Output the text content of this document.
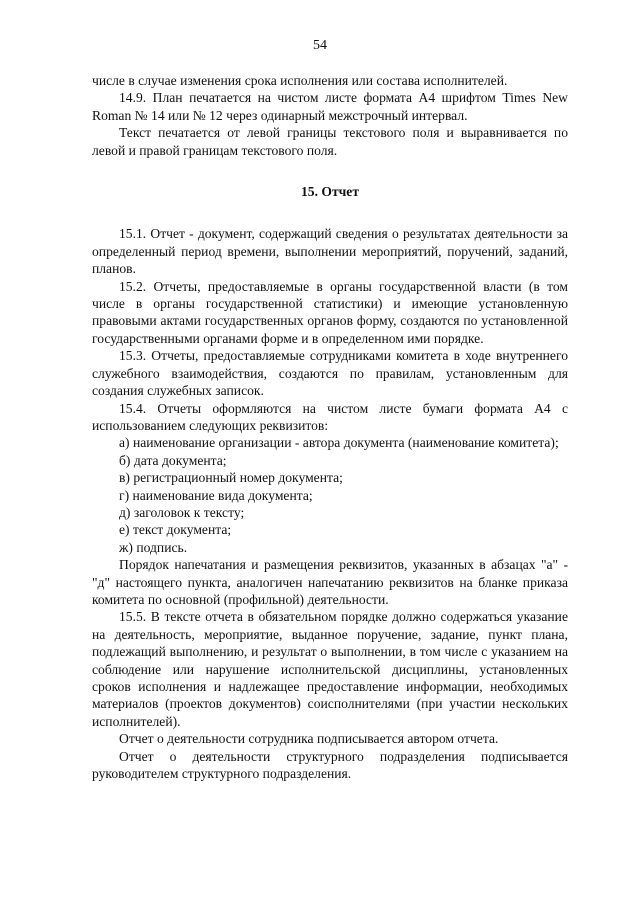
54

числе в случае изменения срока исполнения или состава исполнителей.

14.9. План печатается на чистом листе формата А4 шрифтом Times New Roman № 14 или № 12 через одинарный межстрочный интервал.

Текст печатается от левой границы текстового поля и выравнивается по левой и правой границам текстового поля.

15. Отчет

15.1. Отчет - документ, содержащий сведения о результатах деятельности за определенный период времени, выполнении мероприятий, поручений, заданий, планов.

15.2. Отчеты, предоставляемые в органы государственной власти (в том числе в органы государственной статистики) и имеющие установленную правовыми актами государственных органов форму, создаются по установленной государственными органами форме и в определенном ими порядке.

15.3. Отчеты, предоставляемые сотрудниками комитета в ходе внутреннего служебного взаимодействия, создаются по правилам, установленным для создания служебных записок.

15.4. Отчеты оформляются на чистом листе бумаги формата А4 с использованием следующих реквизитов:

а) наименование организации - автора документа (наименование комитета);

б) дата документа;

в) регистрационный номер документа;

г) наименование вида документа;

д) заголовок к тексту;

е) текст документа;

ж) подпись.

Порядок напечатания и размещения реквизитов, указанных в абзацах "а" - "д" настоящего пункта, аналогичен напечатанию реквизитов на бланке приказа комитета по основной (профильной) деятельности.

15.5. В тексте отчета в обязательном порядке должно содержаться указание на деятельность, мероприятие, выданное поручение, задание, пункт плана, подлежащий выполнению, и результат о выполнении, в том числе с указанием на соблюдение или нарушение исполнительской дисциплины, установленных сроков исполнения и надлежащее предоставление информации, необходимых материалов (проектов документов) соисполнителями (при участии нескольких исполнителей).

Отчет о деятельности сотрудника подписывается автором отчета.

Отчет о деятельности структурного подразделения подписывается руководителем структурного подразделения.
